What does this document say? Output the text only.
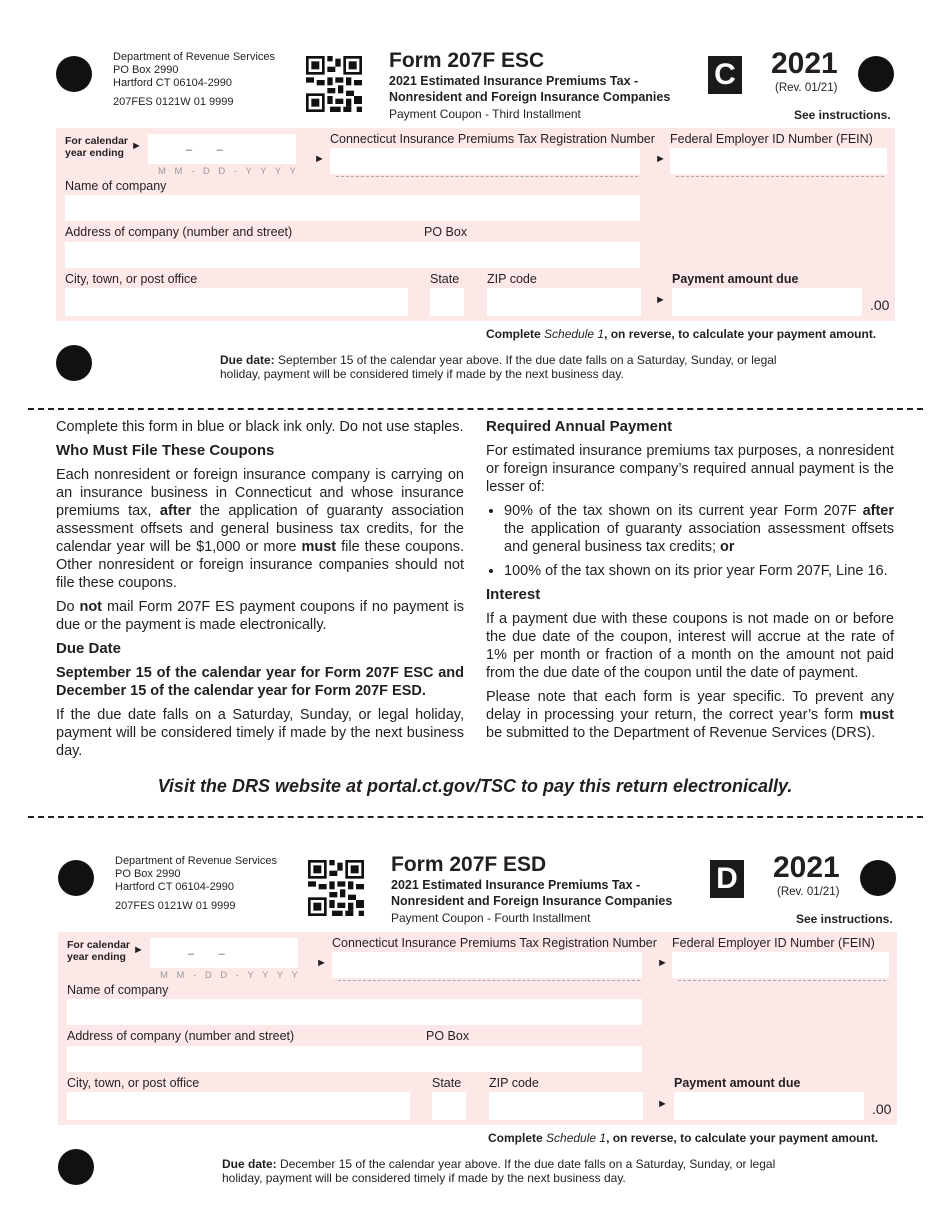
Department of Revenue Services
PO Box 2990
Hartford CT 06104-2990
207FES 0121W 01 9999
Form 207F ESC
2021 Estimated Insurance Premiums Tax -
Nonresident and Foreign Insurance Companies
Payment Coupon - Third Installment
C 2021
(Rev. 01/21)
See instructions.
For calendar
year ending
►	–        –
M M - D D - Y Y Y Y
Connecticut Insurance Premiums Tax Registration Number
►
Federal Employer ID Number (FEIN)
►
Name of company
Address of company (number and street)	PO Box
City, town, or post office	State ZIP code	Payment amount due
►	.00
Complete Schedule 1, on reverse, to calculate your payment amount.
Due date: September 15 of the calendar year above. If the due date falls on a Saturday, Sunday, or legal holiday, payment will be considered timely if made by the next business day.

Complete this form in blue or black ink only. Do not use staples.

Who Must File These Coupons

Each nonresident or foreign insurance company is carrying on an insurance business in Connecticut and whose insurance premiums tax, after the application of guaranty association assessment offsets and general business tax credits, for the calendar year will be $1,000 or more must file these coupons. Other nonresident or foreign insurance companies should not file these coupons.

Do not mail Form 207F ES payment coupons if no payment is due or the payment is made electronically.

Due Date

September 15 of the calendar year for Form 207F ESC and December 15 of the calendar year for Form 207F ESD.

If the due date falls on a Saturday, Sunday, or legal holiday, payment will be considered timely if made by the next business day.

Required Annual Payment

For estimated insurance premiums tax purposes, a nonresident or foreign insurance company’s required annual payment is the lesser of:

• 90% of the tax shown on its current year Form 207F after the application of guaranty association assessment offsets and general business tax credits; or
• 100% of the tax shown on its prior year Form 207F, Line 16.
Interest

If a payment due with these coupons is not made on or before the due date of the coupon, interest will accrue at the rate of 1% per month or fraction of a month on the amount not paid from the due date of the coupon until the date of payment.

Please note that each form is year specific. To prevent any delay in processing your return, the correct year’s form must be submitted to the Department of Revenue Services (DRS).

Visit the DRS website at portal.ct.gov/TSC to pay this return electronically.
Department of Revenue Services
PO Box 2990
Hartford CT 06104-2990
207FES 0121W 01 9999
Form 207F ESD
2021 Estimated Insurance Premiums Tax -
Nonresident and Foreign Insurance Companies
Payment Coupon - Fourth Installment
D 2021
(Rev. 01/21)
See instructions.
For calendar
year ending
►	–        –
M M - D D - Y Y Y Y
Connecticut Insurance Premiums Tax Registration Number
►
Federal Employer ID Number (FEIN)
►
Name of company
Address of company (number and street)	PO Box
City, town, or post office	State ZIP code	Payment amount due
►	.00
Complete Schedule 1, on reverse, to calculate your payment amount.
Due date: December 15 of the calendar year above. If the due date falls on a Saturday, Sunday, or legal holiday, payment will be considered timely if made by the next business day.
